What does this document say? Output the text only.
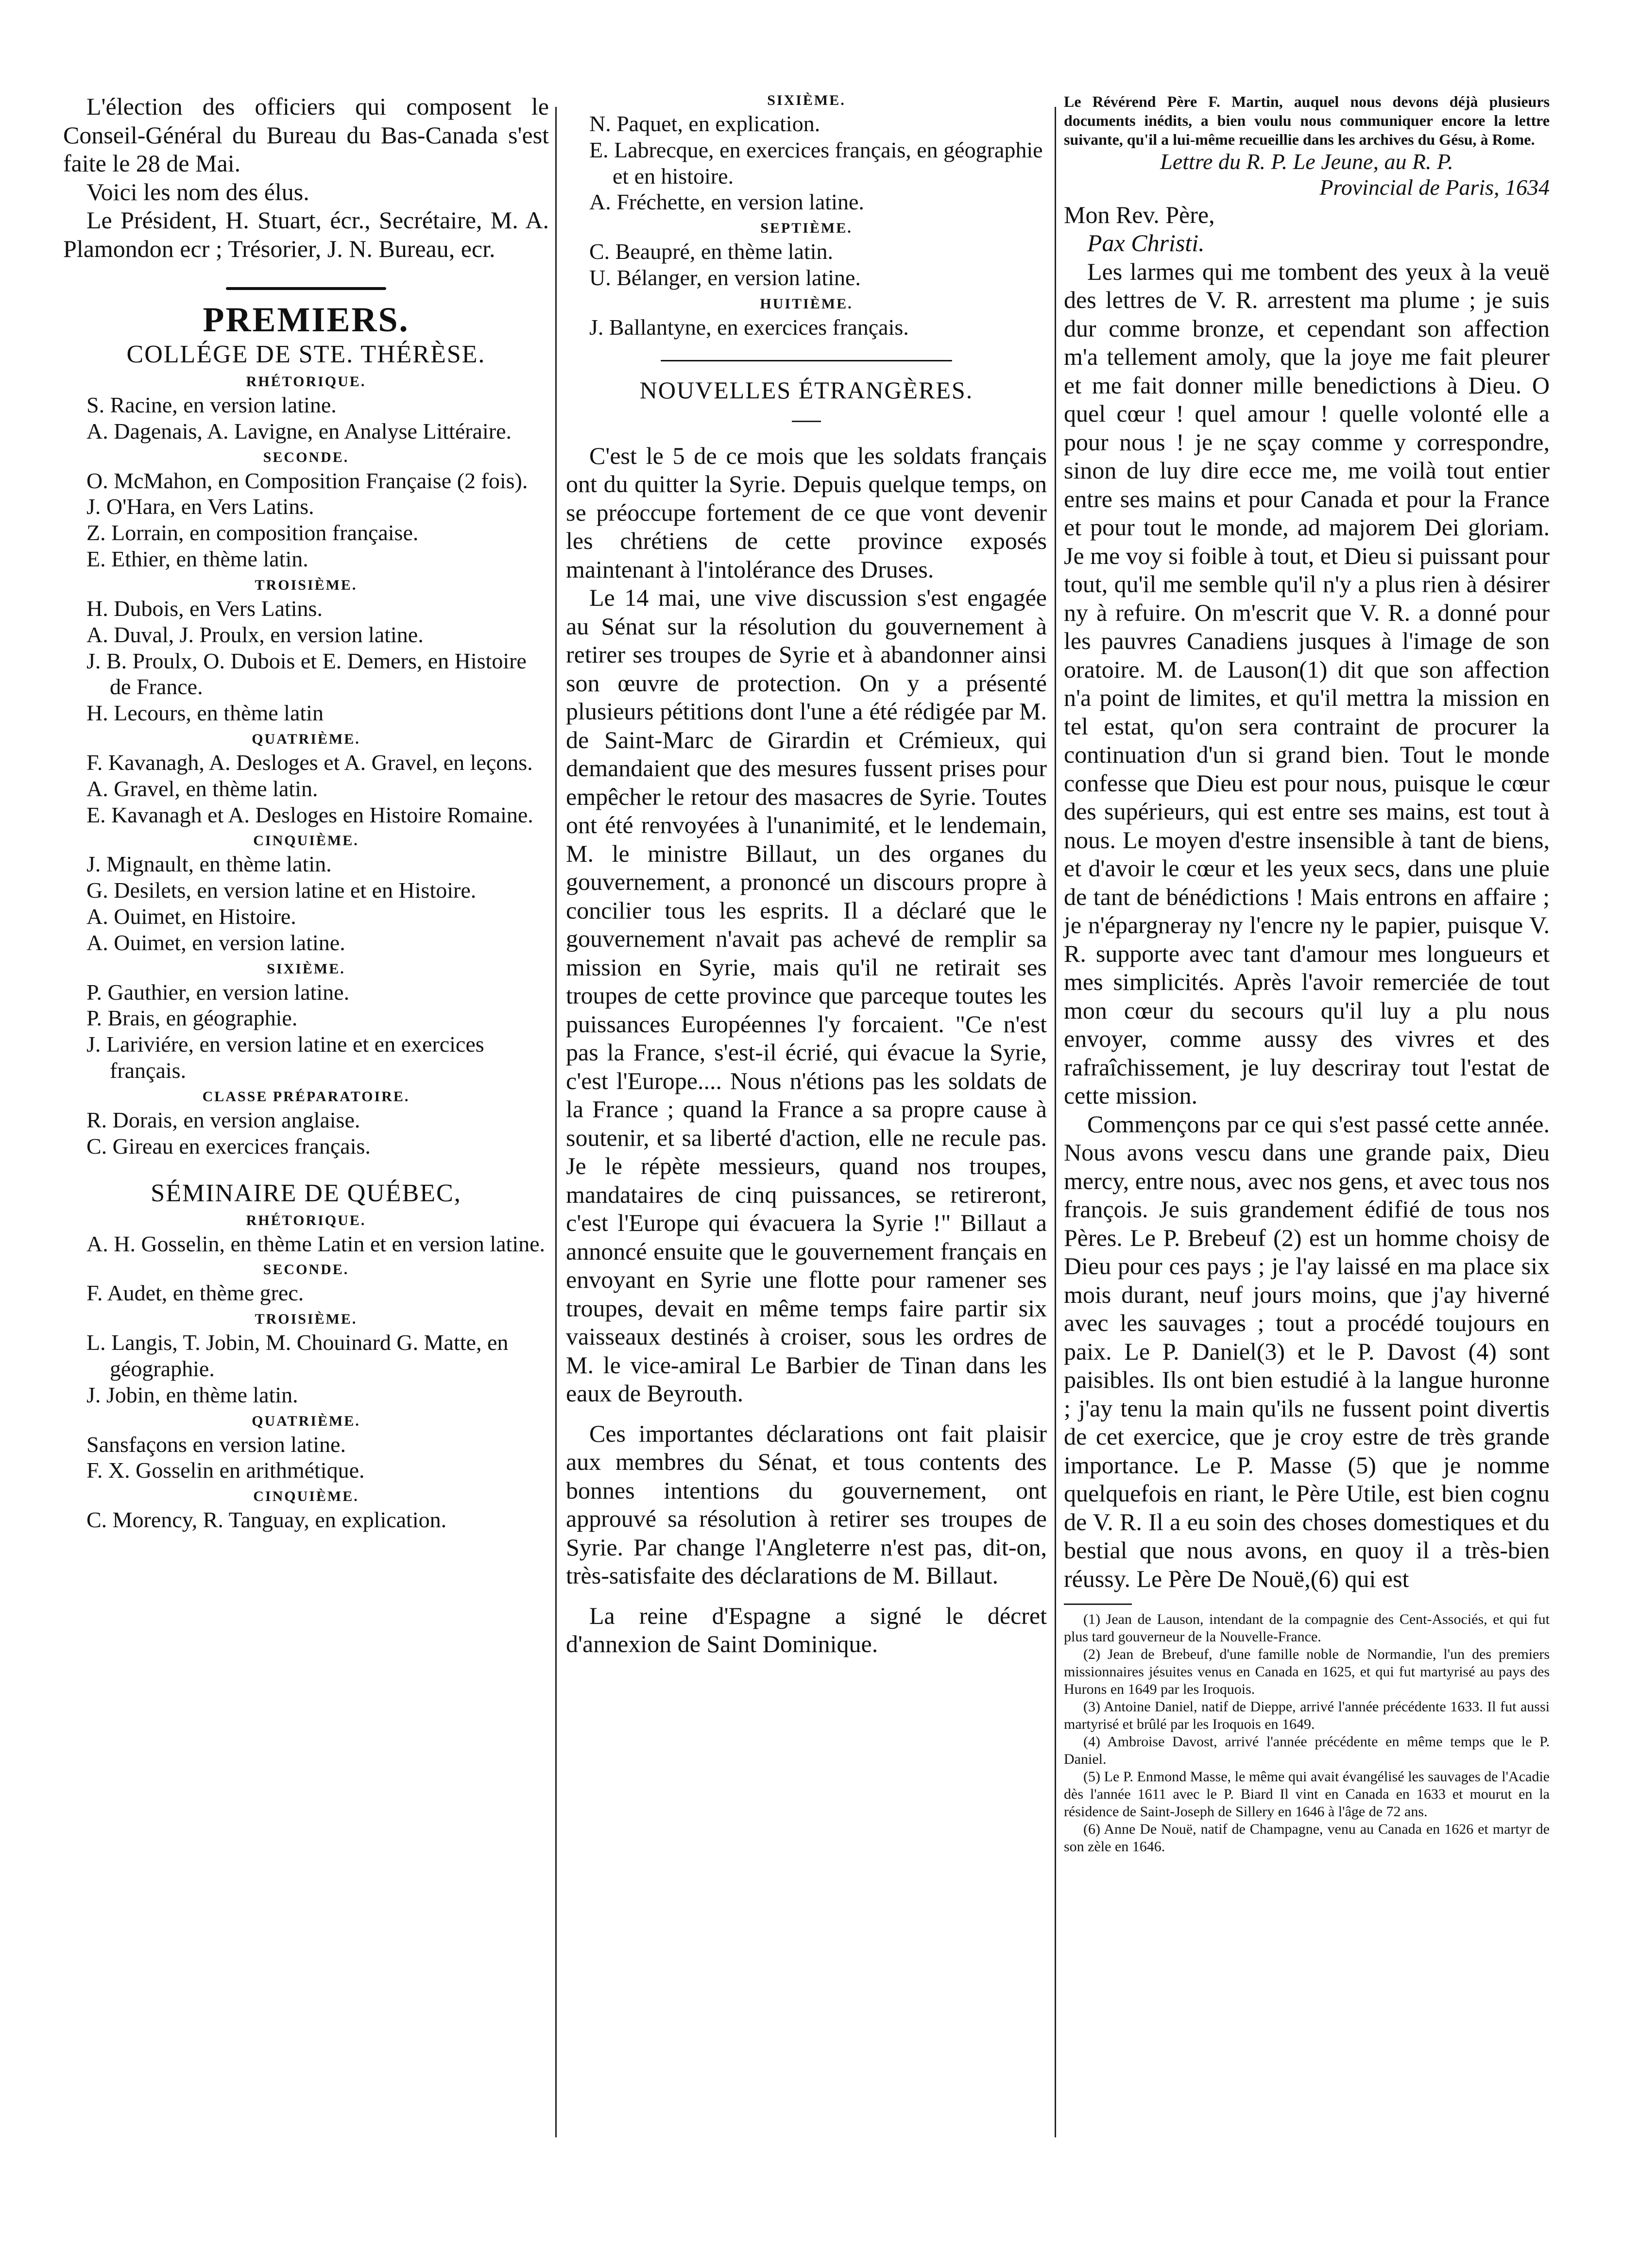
L'élection des officiers qui composent le Conseil-Général du Bureau du Bas-Canada s'est faite le 28 de Mai.

Voici les nom des élus.

Le Président, H. Stuart, écr., Secrétaire, M. A. Plamondon ecr ; Trésorier, J. N. Bureau, ecr.

PREMIERS.

COLLÉGE DE STE. THÉRÈSE.

RHÉTORIQUE.

S. Racine, en version latine.

A. Dagenais, A. Lavigne, en Analyse Littéraire.

SECONDE.

O. McMahon, en Composition Française (2 fois).

J. O'Hara, en Vers Latins.

Z. Lorrain, en composition française.

E. Ethier, en thème latin.

TROISIÈME.

H. Dubois, en Vers Latins.

A. Duval, J. Proulx, en version latine.

J. B. Proulx, O. Dubois et E. Demers, en Histoire de France.

H. Lecours, en thème latin

QUATRIÈME.

F. Kavanagh, A. Desloges et A. Gravel, en leçons.

A. Gravel, en thème latin.

E. Kavanagh et A. Desloges en Histoire Romaine.

CINQUIÈME.

J. Mignault, en thème latin.

G. Desilets, en version latine et en Histoire.

A. Ouimet, en Histoire.

A. Ouimet, en version latine.

SIXIÈME.

P. Gauthier, en version latine.

P. Brais, en géographie.

J. Lariviére, en version latine et en exercices français.

CLASSE PRÉPARATOIRE.

R. Dorais, en version anglaise.

C. Gireau en exercices français.

SÉMINAIRE DE QUÉBEC,

RHÉTORIQUE.

A. H. Gosselin, en thème Latin et en version latine.

SECONDE.

F. Audet, en thème grec.

TROISIÈME.

L. Langis, T. Jobin, M. Chouinard G. Matte, en géographie.

J. Jobin, en thème latin.

QUATRIÈME.

Sansfaçons en version latine.

F. X. Gosselin en arithmétique.

CINQUIÈME.

C. Morency, R. Tanguay, en explication.

SIXIÈME.

N. Paquet, en explication.

E. Labrecque, en exercices français, en géographie et en histoire.

A. Fréchette, en version latine.

SEPTIÈME.

C. Beaupré, en thème latin.

U. Bélanger, en version latine.

HUITIÈME.

J. Ballantyne, en exercices français.

NOUVELLES ÉTRANGÈRES.

C'est le 5 de ce mois que les soldats français ont du quitter la Syrie. Depuis quelque temps, on se préoccupe fortement de ce que vont devenir les chrétiens de cette province exposés maintenant à l'intolérance des Druses.

Le 14 mai, une vive discussion s'est engagée au Sénat sur la résolution du gouvernement à retirer ses troupes de Syrie et à abandonner ainsi son œuvre de protection. On y a présenté plusieurs pétitions dont l'une a été rédigée par M. de Saint-Marc de Girardin et Crémieux, qui demandaient que des mesures fussent prises pour empêcher le retour des masacres de Syrie. Toutes ont été renvoyées à l'unanimité, et le lendemain, M. le ministre Billaut, un des organes du gouvernement, a prononcé un discours propre à concilier tous les esprits. Il a déclaré que le gouvernement n'avait pas achevé de remplir sa mission en Syrie, mais qu'il ne retirait ses troupes de cette province que parceque toutes les puissances Européennes l'y forcaient. "Ce n'est pas la France, s'est-il écrié, qui évacue la Syrie, c'est l'Europe.... Nous n'étions pas les soldats de la France ; quand la France a sa propre cause à soutenir, et sa liberté d'action, elle ne recule pas. Je le répète messieurs, quand nos troupes, mandataires de cinq puissances, se retireront, c'est l'Europe qui évacuera la Syrie !" Billaut a annoncé ensuite que le gouvernement français en envoyant en Syrie une flotte pour ramener ses troupes, devait en même temps faire partir six vaisseaux destinés à croiser, sous les ordres de M. le vice-amiral Le Barbier de Tinan dans les eaux de Beyrouth.

Ces importantes déclarations ont fait plaisir aux membres du Sénat, et tous contents des bonnes intentions du gouvernement, ont approuvé sa résolution à retirer ses troupes de Syrie. Par change l'Angleterre n'est pas, dit-on, très-satisfaite des déclarations de M. Billaut.

La reine d'Espagne a signé le décret d'annexion de Saint Dominique.

Le Révérend Père F. Martin, auquel nous devons déjà plusieurs documents inédits, a bien voulu nous communiquer encore la lettre suivante, qu'il a lui-même recueillie dans les archives du Gésu, à Rome.

Lettre du R. P. Le Jeune, au R. P.

Provincial de Paris, 1634

Mon Rev. Père,

Pax Christi.

Les larmes qui me tombent des yeux à la veuë des lettres de V. R. arrestent ma plume ; je suis dur comme bronze, et cependant son affection m'a tellement amoly, que la joye me fait pleurer et me fait donner mille benedictions à Dieu. O quel cœur ! quel amour ! quelle volonté elle a pour nous ! je ne sçay comme y correspondre, sinon de luy dire ecce me, me voilà tout entier entre ses mains et pour Canada et pour la France et pour tout le monde, ad majorem Dei gloriam. Je me voy si foible à tout, et Dieu si puissant pour tout, qu'il me semble qu'il n'y a plus rien à désirer ny à refuire. On m'escrit que V. R. a donné pour les pauvres Canadiens jusques à l'image de son oratoire. M. de Lauson(1) dit que son affection n'a point de limites, et qu'il mettra la mission en tel estat, qu'on sera contraint de procurer la continuation d'un si grand bien. Tout le monde confesse que Dieu est pour nous, puisque le cœur des supérieurs, qui est entre ses mains, est tout à nous. Le moyen d'estre insensible à tant de biens, et d'avoir le cœur et les yeux secs, dans une pluie de tant de bénédictions ! Mais entrons en affaire ; je n'épargneray ny l'encre ny le papier, puisque V. R. supporte avec tant d'amour mes longueurs et mes simplicités. Après l'avoir remerciée de tout mon cœur du secours qu'il luy a plu nous envoyer, comme aussy des vivres et des rafraîchissement, je luy descriray tout l'estat de cette mission.

Commençons par ce qui s'est passé cette année. Nous avons vescu dans une grande paix, Dieu mercy, entre nous, avec nos gens, et avec tous nos françois. Je suis grandement édifié de tous nos Pères. Le P. Brebeuf (2) est un homme choisy de Dieu pour ces pays ; je l'ay laissé en ma place six mois durant, neuf jours moins, que j'ay hiverné avec les sauvages ; tout a procédé toujours en paix. Le P. Daniel(3) et le P. Davost (4) sont paisibles. Ils ont bien estudié à la langue huronne ; j'ay tenu la main qu'ils ne fussent point divertis de cet exercice, que je croy estre de très grande importance. Le P. Masse (5) que je nomme quelquefois en riant, le Père Utile, est bien cognu de V. R. Il a eu soin des choses domestiques et du bestial que nous avons, en quoy il a très-bien réussy. Le Père De Nouë,(6) qui est

(1) Jean de Lauson, intendant de la compagnie des Cent-Associés, et qui fut plus tard gouverneur de la Nouvelle-France.

(2) Jean de Brebeuf, d'une famille noble de Normandie, l'un des premiers missionnaires jésuites venus en Canada en 1625, et qui fut martyrisé au pays des Hurons en 1649 par les Iroquois.

(3) Antoine Daniel, natif de Dieppe, arrivé l'année précédente 1633. Il fut aussi martyrisé et brûlé par les Iroquois en 1649.

(4) Ambroise Davost, arrivé l'année précédente en même temps que le P. Daniel.

(5) Le P. Enmond Masse, le même qui avait évangélisé les sauvages de l'Acadie dès l'année 1611 avec le P. Biard Il vint en Canada en 1633 et mourut en la résidence de Saint-Joseph de Sillery en 1646 à l'âge de 72 ans.

(6) Anne De Nouë, natif de Champagne, venu au Canada en 1626 et martyr de son zèle en 1646.
